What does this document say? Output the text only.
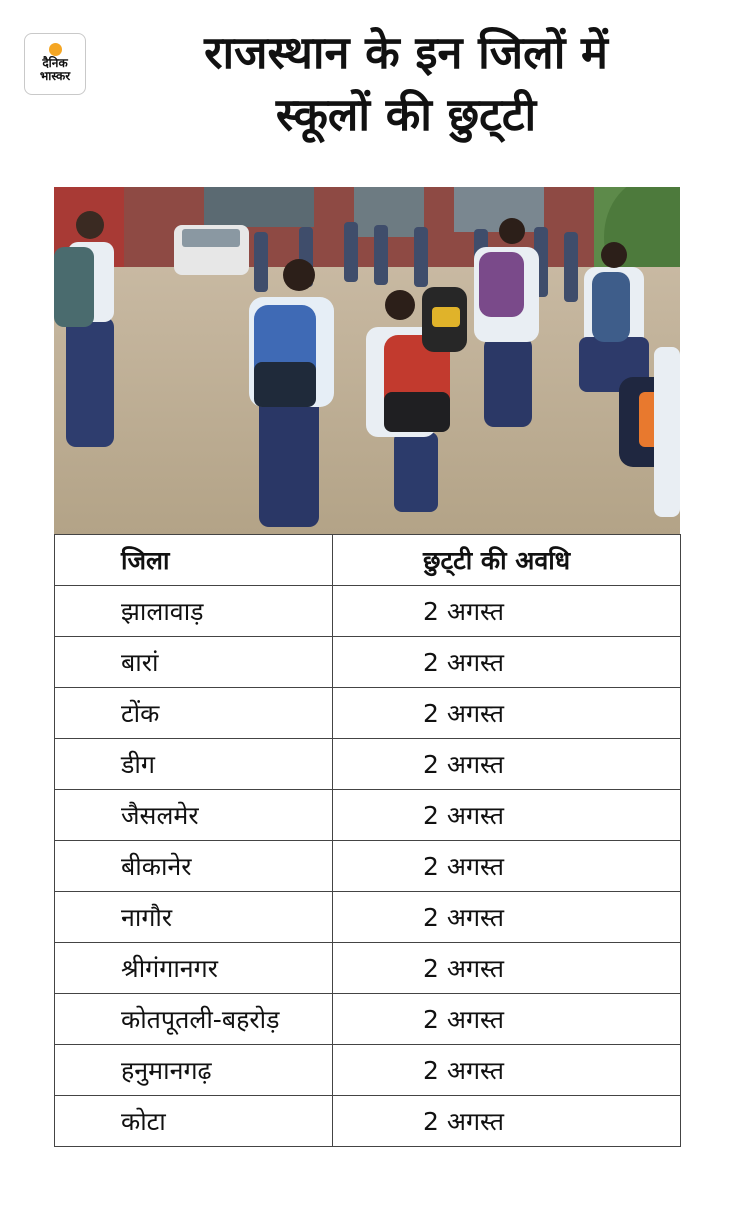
दैनिक
भास्कर	राजस्थान के इन जिलों में
स्कूलों की छुट्‌टी
जिला	छुट्‌टी की अवधि
झालावाड़	2 अगस्त
बारां	2 अगस्त
टोंक	2 अगस्त
डीग	2 अगस्त
जैसलमेर	2 अगस्त
बीकानेर	2 अगस्त
नागौर	2 अगस्त
श्रीगंगानगर	2 अगस्त
कोतपूतली-बहरोड़	2 अगस्त
हनुमानगढ़	2 अगस्त
कोटा	2 अगस्त
